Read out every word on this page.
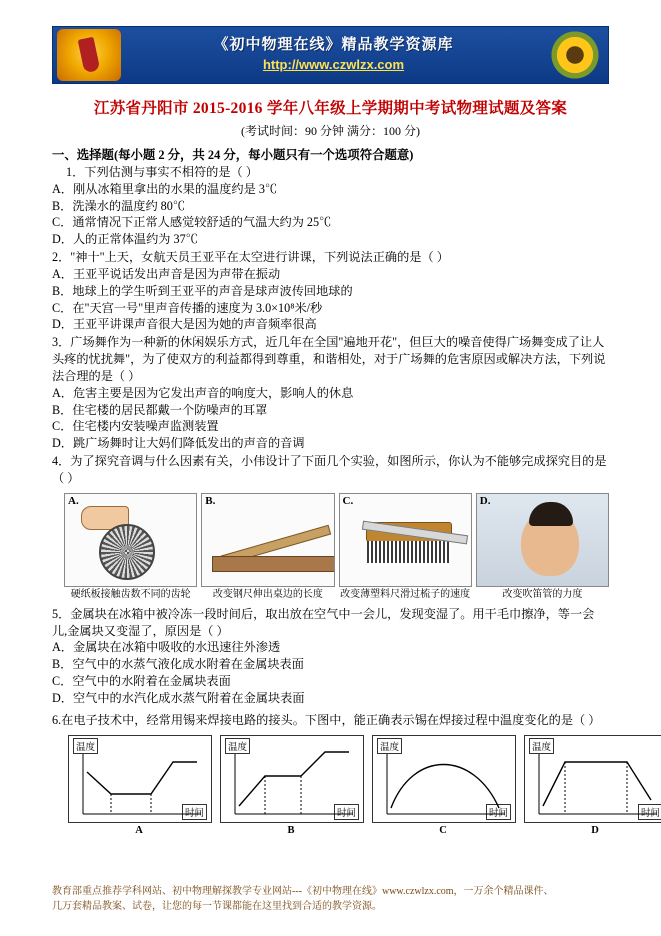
《初中物理在线》精品教学资源库
http://www.czwlzx.com
江苏省丹阳市 2015-2016 学年八年级上学期期中考试物理试题及答案
(考试时间：90 分钟 满分：100 分)
一、选择题(每小题 2 分，共 24 分，每小题只有一个选项符合题意)

1．下列估测与事实不相符的是（ ）

A．刚从冰箱里拿出的水果的温度约是 3℃

B．洗澡水的温度约 80℃

C．通常情况下正常人感觉较舒适的气温大约为 25℃

D．人的正常体温约为 37℃

2．"神十"上天，女航天员王亚平在太空进行讲课，下列说法正确的是（ ）

A．王亚平说话发出声音是因为声带在振动

B．地球上的学生听到王亚平的声音是球声波传回地球的

C．在"天宫一号"里声音传播的速度为 3.0×10⁸米/秒

D．王亚平讲课声音很大是因为她的声音频率很高

3．广场舞作为一种新的休闲娱乐方式，近几年在全国"遍地开花"，但巨大的噪音使得广场舞变成了让人头疼的忧扰舞"，为了使双方的利益都得到尊重，和谐相处，对于广场舞的危害原因或解决方法，下列说法合理的是（ ）

A．危害主要是因为它发出声音的响度大，影响人的休息

B．住宅楼的居民都戴一个防噪声的耳罩

C．住宅楼内安装噪声监测装置

D．跳广场舞时让大妈们降低发出的声音的音调

4．为了探究音调与什么因素有关，小伟设计了下面几个实验，如图所示，你认为不能够完成探究目的是（ ）

A.
硬纸板接触齿数不同的齿轮
B.
改变钢尺伸出桌边的长度
C.
改变薄塑料尺滑过梳子的速度
D.
改变吹笛管的力度

5．金属块在冰箱中被冷冻一段时间后，取出放在空气中一会儿，发现变湿了。用干毛巾擦净，等一会儿,金属块又变湿了，原因是（ ）

A．金属块在冰箱中吸收的水迅速往外渗透

B．空气中的水蒸气液化成水附着在金属块表面

C．空气中的水附着在金属块表面

D．空气中的水汽化成水蒸气附着在金属块表面

6.在电子技术中，经常用锡来焊接电路的接头。下图中，能正确表示锡在焊接过程中温度变化的是（ ）

温度
时间
A
温度
时间
B
温度
时间
C
温度
时间
D
教育部重点推荐学科网站、初中物理解探教学专业网站---《初中物理在线》www.czwlzx.com，一万余个精品课件、
几万套精品教案、试卷，让您的每一节课都能在这里找到合适的教学资源。
